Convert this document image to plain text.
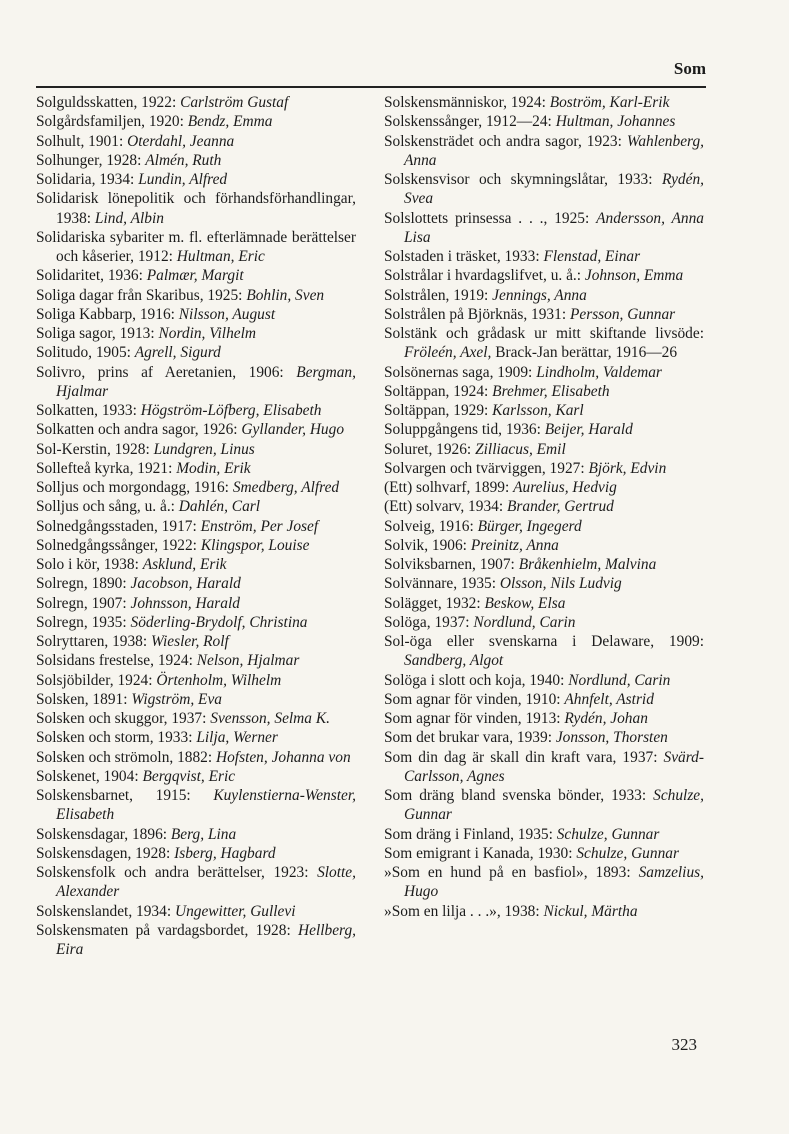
Som
Solguldsskatten, 1922: Carlström Gustaf
Solgårdsfamiljen, 1920: Bendz, Emma
Solhult, 1901: Oterdahl, Jeanna
Solhunger, 1928: Almén, Ruth
Solidaria, 1934: Lundin, Alfred
Solidarisk lönepolitik och förhandsförhandlingar, 1938: Lind, Albin
Solidariska sybariter m. fl. efterlämnade berättelser och kåserier, 1912: Hultman, Eric
Solidaritet, 1936: Palmær, Margit
Soliga dagar från Skaribus, 1925: Bohlin, Sven
Soliga Kabbarp, 1916: Nilsson, August
Soliga sagor, 1913: Nordin, Vilhelm
Solitudo, 1905: Agrell, Sigurd
Solivro, prins af Aeretanien, 1906: Bergman, Hjalmar
Solkatten, 1933: Högström-Löfberg, Elisabeth
Solkatten och andra sagor, 1926: Gyllander, Hugo
Sol-Kerstin, 1928: Lundgren, Linus
Sollefteå kyrka, 1921: Modin, Erik
Solljus och morgondagg, 1916: Smedberg, Alfred
Solljus och sång, u. å.: Dahlén, Carl
Solnedgångsstaden, 1917: Enström, Per Josef
Solnedgångssånger, 1922: Klingspor, Louise
Solo i kör, 1938: Asklund, Erik
Solregn, 1890: Jacobson, Harald
Solregn, 1907: Johnsson, Harald
Solregn, 1935: Söderling-Brydolf, Christina
Solryttaren, 1938: Wiesler, Rolf
Solsidans frestelse, 1924: Nelson, Hjalmar
Solsjöbilder, 1924: Örtenholm, Wilhelm
Solsken, 1891: Wigström, Eva
Solsken och skuggor, 1937: Svensson, Selma K.
Solsken och storm, 1933: Lilja, Werner
Solsken och strömoln, 1882: Hofsten, Johanna von
Solskenet, 1904: Bergqvist, Eric
Solskensbarnet, 1915: Kuylenstierna-Wenster, Elisabeth
Solskensdagar, 1896: Berg, Lina
Solskensdagen, 1928: Isberg, Hagbard
Solskensfolk och andra berättelser, 1923: Slotte, Alexander
Solskenslandet, 1934: Ungewitter, Gullevi
Solskensmaten på vardagsbordet, 1928: Hellberg, Eira
Solskensmänniskor, 1924: Boström, Karl-Erik
Solskenssånger, 1912—24: Hultman, Johannes
Solskensträdet och andra sagor, 1923: Wahlenberg, Anna
Solskensvisor och skymningslåtar, 1933: Rydén, Svea
Solslottets prinsessa . . ., 1925: Andersson, Anna Lisa
Solstaden i träsket, 1933: Flenstad, Einar
Solstrålar i hvardagslifvet, u. å.: Johnson, Emma
Solstrålen, 1919: Jennings, Anna
Solstrålen på Björknäs, 1931: Persson, Gunnar
Solstänk och grådask ur mitt skiftande livsöde: Fröleén, Axel, Brack-Jan berättar, 1916—26
Solsönernas saga, 1909: Lindholm, Valdemar
Soltäppan, 1924: Brehmer, Elisabeth
Soltäppan, 1929: Karlsson, Karl
Soluppgångens tid, 1936: Beijer, Harald
Soluret, 1926: Zilliacus, Emil
Solvargen och tvärviggen, 1927: Björk, Edvin
(Ett) solhvarf, 1899: Aurelius, Hedvig
(Ett) solvarv, 1934: Brander, Gertrud
Solveig, 1916: Bürger, Ingegerd
Solvik, 1906: Preinitz, Anna
Solviksbarnen, 1907: Bråkenhielm, Malvina
Solvännare, 1935: Olsson, Nils Ludvig
Solägget, 1932: Beskow, Elsa
Solöga, 1937: Nordlund, Carin
Sol-öga eller svenskarna i Delaware, 1909: Sandberg, Algot
Solöga i slott och koja, 1940: Nordlund, Carin
Som agnar för vinden, 1910: Ahnfelt, Astrid
Som agnar för vinden, 1913: Rydén, Johan
Som det brukar vara, 1939: Jonsson, Thorsten
Som din dag är skall din kraft vara, 1937: Svärd-Carlsson, Agnes
Som dräng bland svenska bönder, 1933: Schulze, Gunnar
Som dräng i Finland, 1935: Schulze, Gunnar
Som emigrant i Kanada, 1930: Schulze, Gunnar
»Som en hund på en basfiol», 1893: Samzelius, Hugo
»Som en lilja . . .», 1938: Nickul, Märtha
323
